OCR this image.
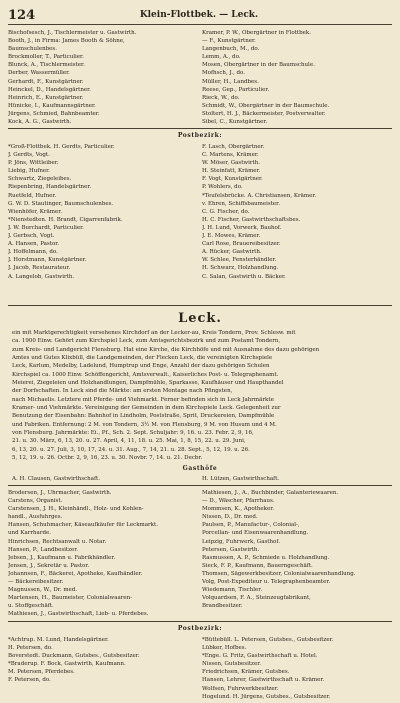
124	Klein-Flottbek. — Leck.
Bischofsesch, J., Tischlermeister u. Gastwirth.
Booth, J., in Firma: James Booth & Söhne,
Baumschulenbes.
Brockmoller, T., Particulier.
Blunck, A., Tischlermeister.
Derber, Wassermüller.
Gerhardt, F., Kunstgärtner.
Heinckel, D., Handelsgärtner.
Heinrich, E., Kunstgärtner.
Hünicke, I., Kaufmannsgärtner.
Jürgens, Schmied, Bahnbeamter.
Kock, A. G., Gastwirth.
Kramer, P. W., Obergärtner in Flottbek.
— F., Kunstgärtner.
Langenbuch, M., do.
Lemm, A., do.
Mosen, Obergärtner in der Baumschule.
Mofhsch, J., do.
Müller, H., Landbes.
Reese, Gep., Particulier.
Rieck, W., do.
Schmidt, W., Obergärtner in der Baumschule.
Stoltert, H. J., Bäckermeister, Postverwalter.
Sibel, C., Kunstgärtner.
Postbezirk:
*Groß-Flottbek. H. Gerdts, Particulier.
J. Gerdts, Vogt.
P. Jöns, Wittleiber.
Liebig, Hufner.
Schwartz, Ziegeleibes.
Riepenbring, Handelsgärtner.
Ruetfeld, Hufner.
G. W. D. Stautinger, Baumschulenbes.
Wienhöfer, Krämer.
*Nienstedten. H. Brandt, Cigarrenfabrik.
J. W. Burchardt, Particulier.
J. Gerbsch, Vogt.
A. Hansen, Pastor.
J. Hoffelmann, do.
J. Horstmann, Kunstgärtner.
J. Jacob, Restaurateur.
A. Langelob, Gastwirth.
F. Lasch, Obergärtner.
C. Martens, Krämer.
W. Möser, Gastwirth.
H. Steinfatt, Krämer.
F. Vogt, Kunstgärtner.
P. Wohlers, do.
*Teufelsbrücke. A. Christiansen, Krämer.
v. Ehren, Schiffsbaumeister.
C. G. Fischer, do.
H. C. Fischer, Gastwirthschaftsbes.
J. H. Lund, Vorwerk, Bauhof.
J. E. Mowes, Krämer.
Carl Rose, Brauereibesitzer.
A. Rücker, Gastwirth.
W. Schlee, Fensterhändler.
H. Schwarz, Holzhandlung.
C. Salan, Gastwirth u. Bäcker.
Leck.
ein mit Marktgerechtigkeit versehenes Kirchdorf an der Lecker-au, Kreis Tondern, Prov. Schlesw. mit
ca. 1900 Einw. Gehört zum Kirchspiel Leck, zum Amtsgerichtsbezirk und zum Postamt Tondern,
zum Kreis- und Landgericht Flensburg. Hat eine Kirche, die Kirchhöfe und mit Ausnahme des dazu gehörigen
Amtes und Gutes Klixbüll, die Landgemeinden, der Flecken Leck, die vereinigten Kirchspiele
Leck, Karlum, Medelby, Ladelund, Humptrup und Enge, Anzahl der dazu gehörigen Schulen
Kirchspiel ca. 1000 Einw. Schöffengericht, Amtsverwalt., Kaiserliches Post- u. Telegraphenamt.
Meierei, Ziegeleien und Holzhandlungen, Dampfmühle, Sparkasse, Kaufhäuser und Haupthandel
der Dorfschaften. In Leck sind die Märkte: am ersten Montage nach Pfingsten,
nach Michaelis. Letztere mit Pferde- und Viehmarkt. Ferner befinden sich in Leck Jahrmärkte
Kramer- und Viehmärkte. Vereinigung der Gemeinden in dem Kirchspiele Leck. Gelegenheit zur
Benutzung der Eisenbahn: Bahnhof in Lindholm, Poststraße, Sprit, Druckereien, Dampfmühle
und Fabriken. Entfernung: 2 M. von Tondern, 3½ M. von Flensburg, 9 M. von Husum und 4 M.
von Flensburg. Jahrmärkte: Ei., Pf., Sch. 2. Sept. Schuljahr: 9, 16. u. 23. Febr. 2, 9, 16,
21. u. 30. März, 6, 13, 20. u. 27. April, 4, 11, 18. u. 25. Mai, 1, 8, 15, 22. u. 29. Juni,
6, 13, 20. u. 27. Juli, 3, 10, 17, 24. u. 31. Aug., 7, 14, 21. u. 28. Sept., 5, 12, 19. u. 26.
5, 12, 19. u. 26. Octbr. 2, 9, 16, 23. u. 30. Novbr. 7, 14. u. 21. Decbr.
Gasthöfe
A. H. Clausen, Gastwirthschaft.	H. Lützen, Gastwirthschaft.
Brodersen, J., Uhrmacher, Gastwirth.
Carstens, Organist.
Carstensen, J. H., Kleinhändl., Holz- und Kohlen-
handl., Ausfuhrges.
Hansen, Schuhmacher, Käseaufkäufer für Leckmarkt.
und Karrharde.
Hinrichsen, Rechtsanwalt u. Notar.
Hansen, P., Landbesitzer.
Jebsen, J., Kaufmann u. Fabrikhändler.
Jensen, J., Sekretär u. Pastor.
Johannsen, F., Bäckerei, Apotheke, Kaufhändler.
— Bäckereibesitzer.
Magnussen, W., Dr. med.
Martensen, H., Baumeister, Colonialwaaren-
u. Stoffgeschäft.
Mathiesen, J., Gastwirthschaft, Lieb- u. Pferdebes.
Mathiesen, J., A., Buchbinder, Galanteriewaaren.
— D., Wäscher, Pfarrhaus.
Mommsen, K., Apotheker.
Nissen, D., Dr. med.
Paulsen, P., Manufactur-, Colonial-,
Porcellan- und Eisenwaarenhandlung.
Leipzig, Fuhrwerk, Gasthof.
Petersen, Gastwirth.
Rasmussen, A. P., Schmiede u. Holzhandlung.
Sieck, F. P., Kaufmann, Bauerngeschäft.
Thomsen, Sägewerkbesitzer, Colonialwaarenhandlung.
Volg, Post-Expediteur u. Telegraphenbeamter.
Wiedemann, Tischler.
Volquardsen, F. A., Steinzeugfabrikant,
Brandbesitzer.
Postbezirk:
*Achtrup. M. Lund, Handelsgärtner.
H. Petersen, do.
Boverstedt. Duckmann, Gutsbes., Gutsbesitzer.
*Braderup. F. Bock, Gastwirth, Kaufmann.
M. Petersen, Pferdebes.
F. Petersen, do.
*Büttebüll. L. Petersen, Gutsbes., Gutsbesitzer.
Lübker, Hofbes.
*Enge. G. Fritz, Gastwirthschaft u. Hotel.
Nissen, Gutsbesitzer.
Friedrichsen, Krämer, Gutsbes.
Hansen, Lehrer, Gastwirthschaft u. Krämer.
Wolfsen, Fuhrwerkbesitzer.
Hogelund. H. Jürgens, Gutsbes., Gutsbesitzer.
